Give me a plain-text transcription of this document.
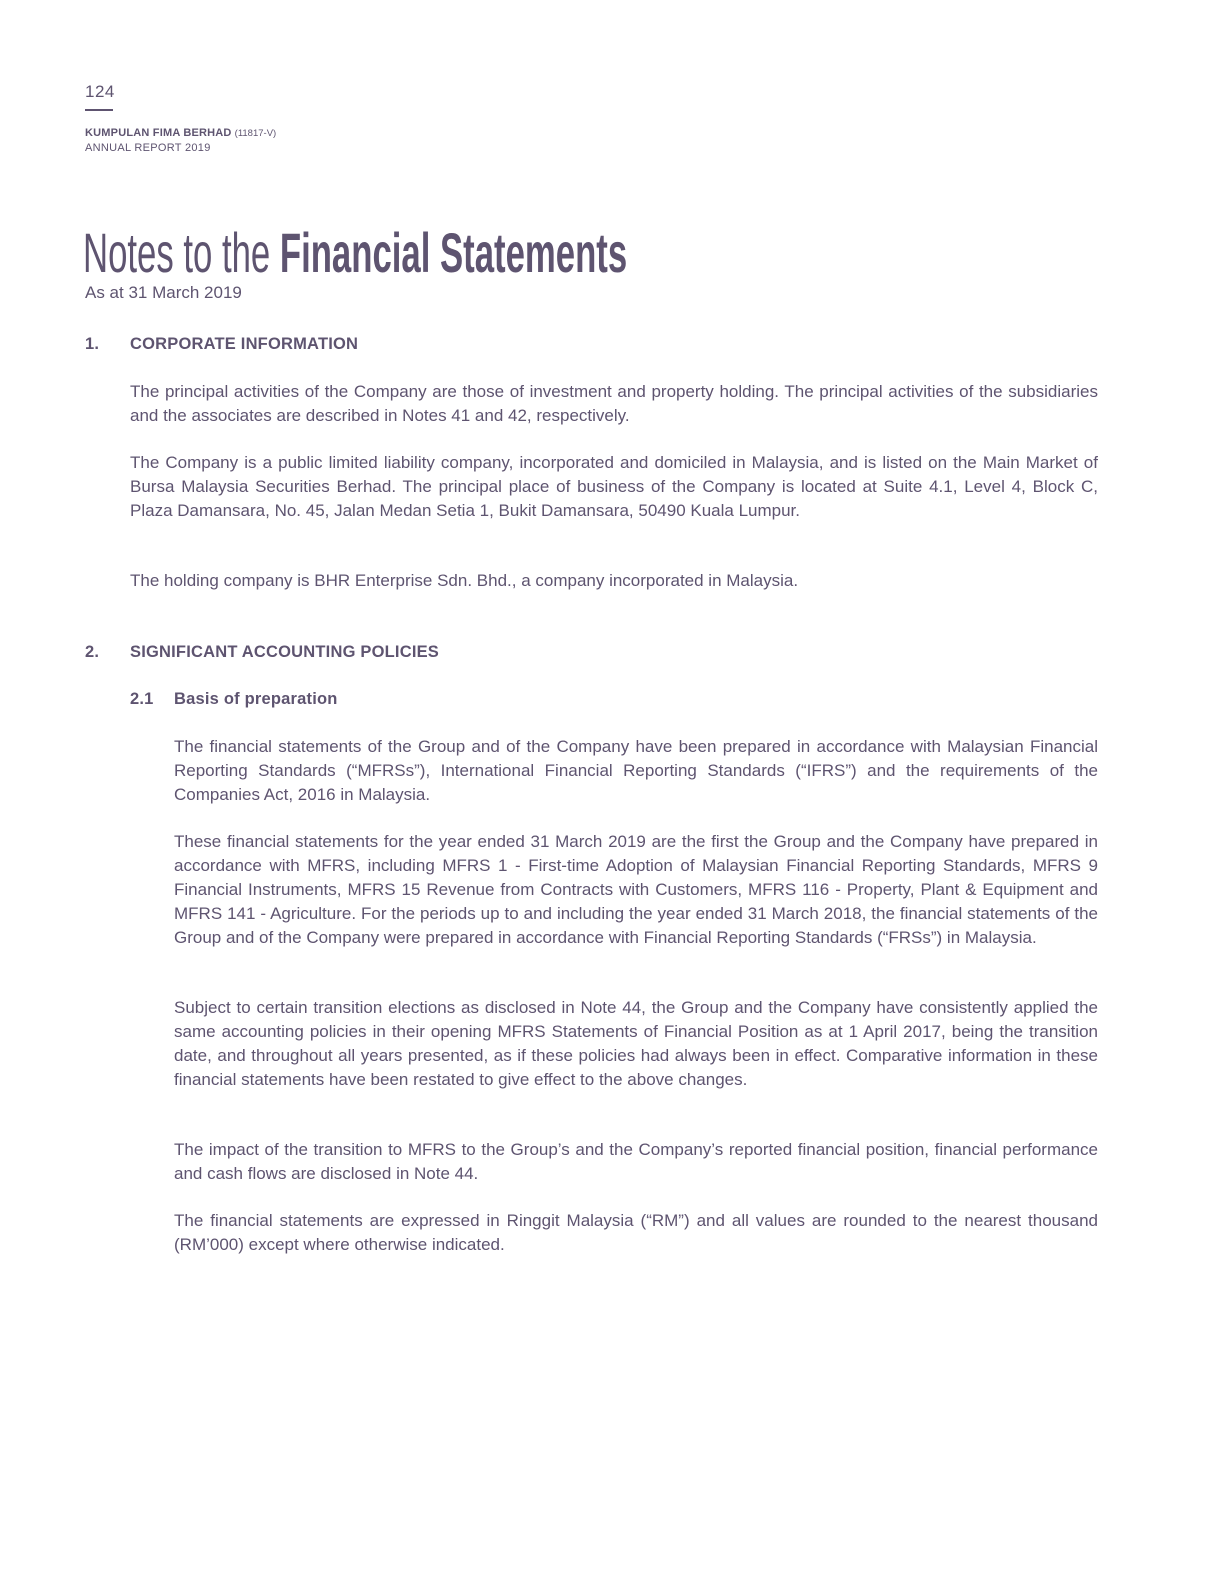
124
KUMPULAN FIMA BERHAD (11817-V)
ANNUAL REPORT 2019
Notes to the Financial Statements
As at 31 March 2019
1. CORPORATE INFORMATION

The principal activities of the Company are those of investment and property holding. The principal activities of the subsidiaries and the associates are described in Notes 41 and 42, respectively.

The Company is a public limited liability company, incorporated and domiciled in Malaysia, and is listed on the Main Market of Bursa Malaysia Securities Berhad. The principal place of business of the Company is located at Suite 4.1, Level 4, Block C, Plaza Damansara, No. 45, Jalan Medan Setia 1, Bukit Damansara, 50490 Kuala Lumpur.

The holding company is BHR Enterprise Sdn. Bhd., a company incorporated in Malaysia.

2. SIGNIFICANT ACCOUNTING POLICIES
2.1 Basis of preparation

The financial statements of the Group and of the Company have been prepared in accordance with Malaysian Financial Reporting Standards (“MFRSs”), International Financial Reporting Standards (“IFRS”) and the requirements of the Companies Act, 2016 in Malaysia.

These financial statements for the year ended 31 March 2019 are the first the Group and the Company have prepared in accordance with MFRS, including MFRS 1 - First-time Adoption of Malaysian Financial Reporting Standards, MFRS 9 Financial Instruments, MFRS 15 Revenue from Contracts with Customers, MFRS 116 - Property, Plant & Equipment and MFRS 141 - Agriculture. For the periods up to and including the year ended 31 March 2018, the financial statements of the Group and of the Company were prepared in accordance with Financial Reporting Standards (“FRSs”) in Malaysia.

Subject to certain transition elections as disclosed in Note 44, the Group and the Company have consistently applied the same accounting policies in their opening MFRS Statements of Financial Position as at 1 April 2017, being the transition date, and throughout all years presented, as if these policies had always been in effect. Comparative information in these financial statements have been restated to give effect to the above changes.

The impact of the transition to MFRS to the Group’s and the Company’s reported financial position, financial performance and cash flows are disclosed in Note 44.

The financial statements are expressed in Ringgit Malaysia (“RM”) and all values are rounded to the nearest thousand (RM’000) except where otherwise indicated.
